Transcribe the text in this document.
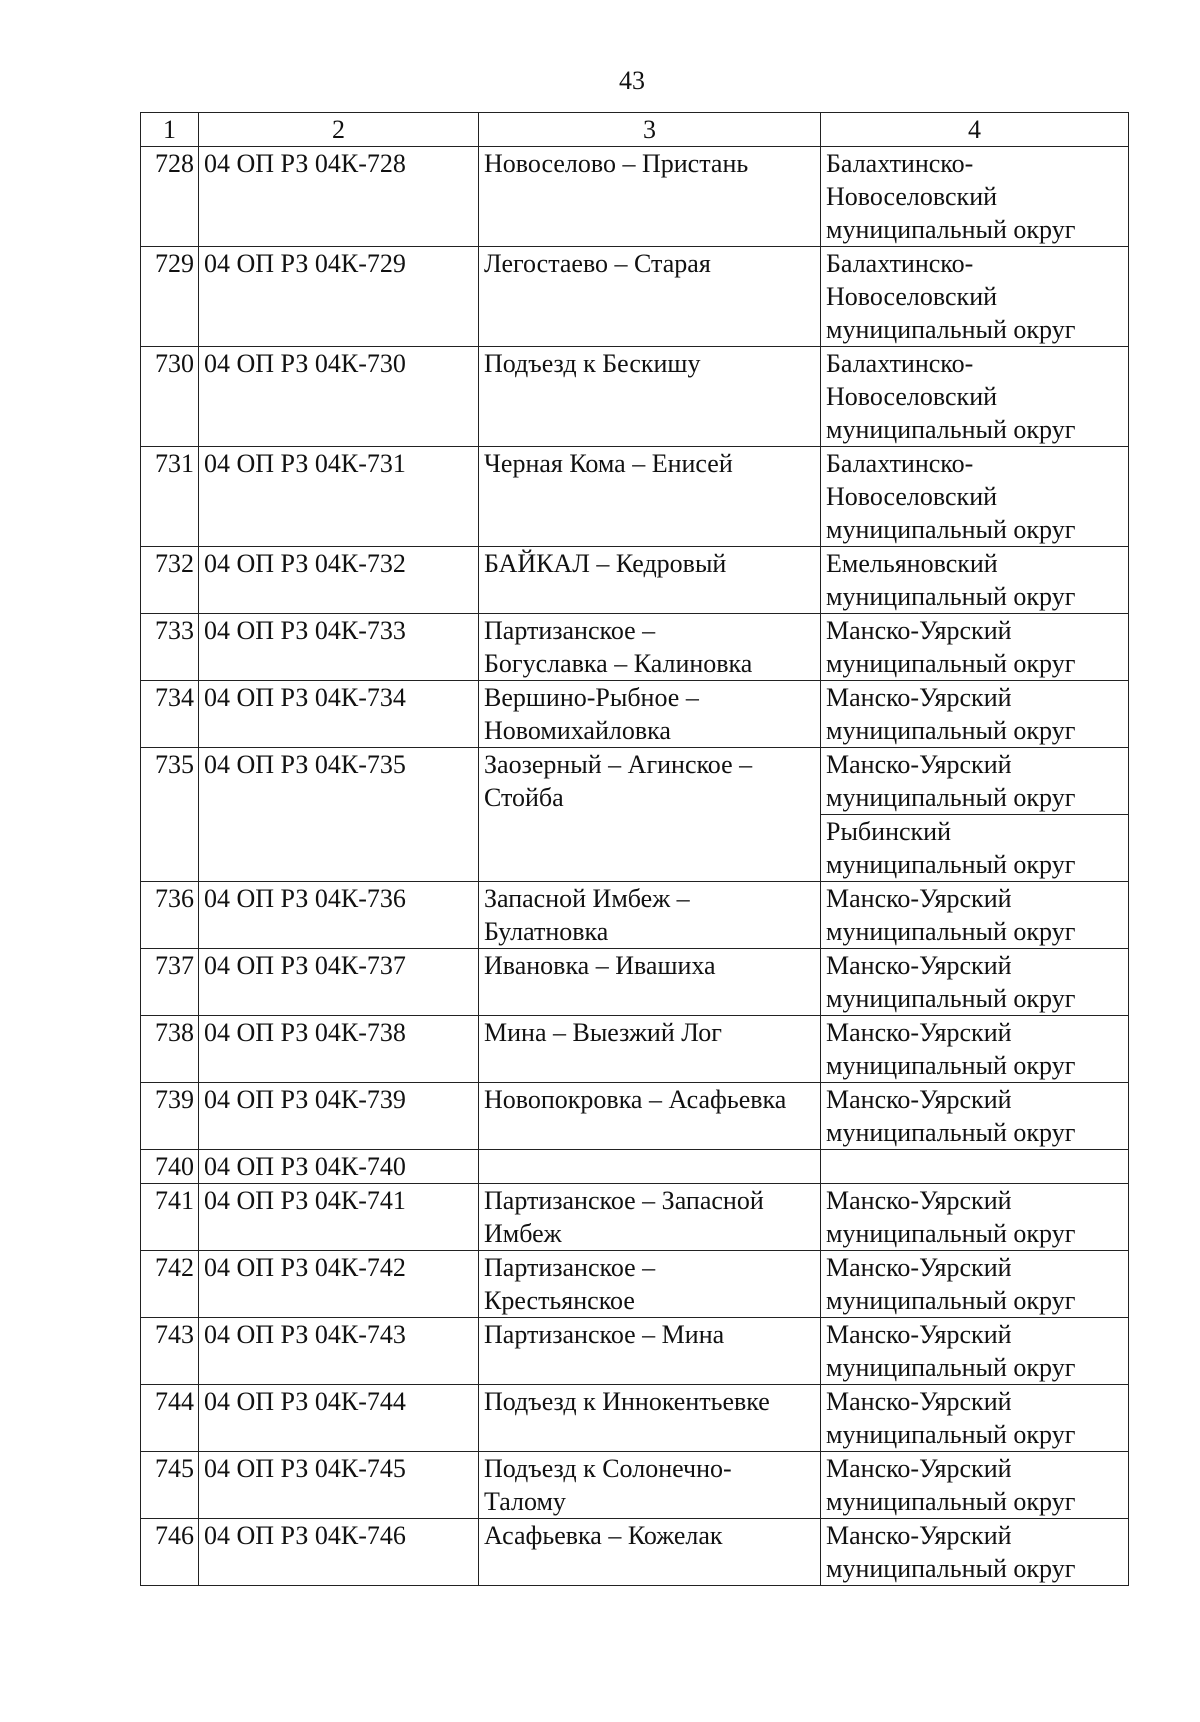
43
1	2	3	4
728	04 ОП РЗ 04К-728	Новоселово – Пристань	Балахтинско-
Новоселовский
муниципальный округ

729	04 ОП РЗ 04К-729	Легостаево – Старая	Балахтинско-
Новоселовский
муниципальный округ

730	04 ОП РЗ 04К-730	Подъезд к Бескишу	Балахтинско-
Новоселовский
муниципальный округ

731	04 ОП РЗ 04К-731	Черная Кома – Енисей	Балахтинско-
Новоселовский
муниципальный округ

732	04 ОП РЗ 04К-732	БАЙКАЛ – Кедровый	Емельяновский
муниципальный округ

733	04 ОП РЗ 04К-733	Партизанское –
Богуславка – Калиновка	Манско-Уярский
муниципальный округ

734	04 ОП РЗ 04К-734	Вершино-Рыбное –
Новомихайловка	Манско-Уярский
муниципальный округ

735	04 ОП РЗ 04К-735	Заозерный – Агинское –
Стойба	Манско-Уярский
муниципальный округ

			Рыбинский
муниципальный округ

736	04 ОП РЗ 04К-736	Запасной Имбеж –
Булатновка	Манско-Уярский
муниципальный округ

737	04 ОП РЗ 04К-737	Ивановка – Ивашиха	Манско-Уярский
муниципальный округ

738	04 ОП РЗ 04К-738	Мина – Выезжий Лог	Манско-Уярский
муниципальный округ

739	04 ОП РЗ 04К-739	Новопокровка – Асафьевка	Манско-Уярский
муниципальный округ

740	04 ОП РЗ 04К-740		
741	04 ОП РЗ 04К-741	Партизанское – Запасной
Имбеж	Манско-Уярский
муниципальный округ

742	04 ОП РЗ 04К-742	Партизанское –
Крестьянское	Манско-Уярский
муниципальный округ

743	04 ОП РЗ 04К-743	Партизанское – Мина	Манско-Уярский
муниципальный округ

744	04 ОП РЗ 04К-744	Подъезд к Иннокентьевке	Манско-Уярский
муниципальный округ

745	04 ОП РЗ 04К-745	Подъезд к Солонечно-
Талому	Манско-Уярский
муниципальный округ

746	04 ОП РЗ 04К-746	Асафьевка – Кожелак	Манско-Уярский
муниципальный округ
